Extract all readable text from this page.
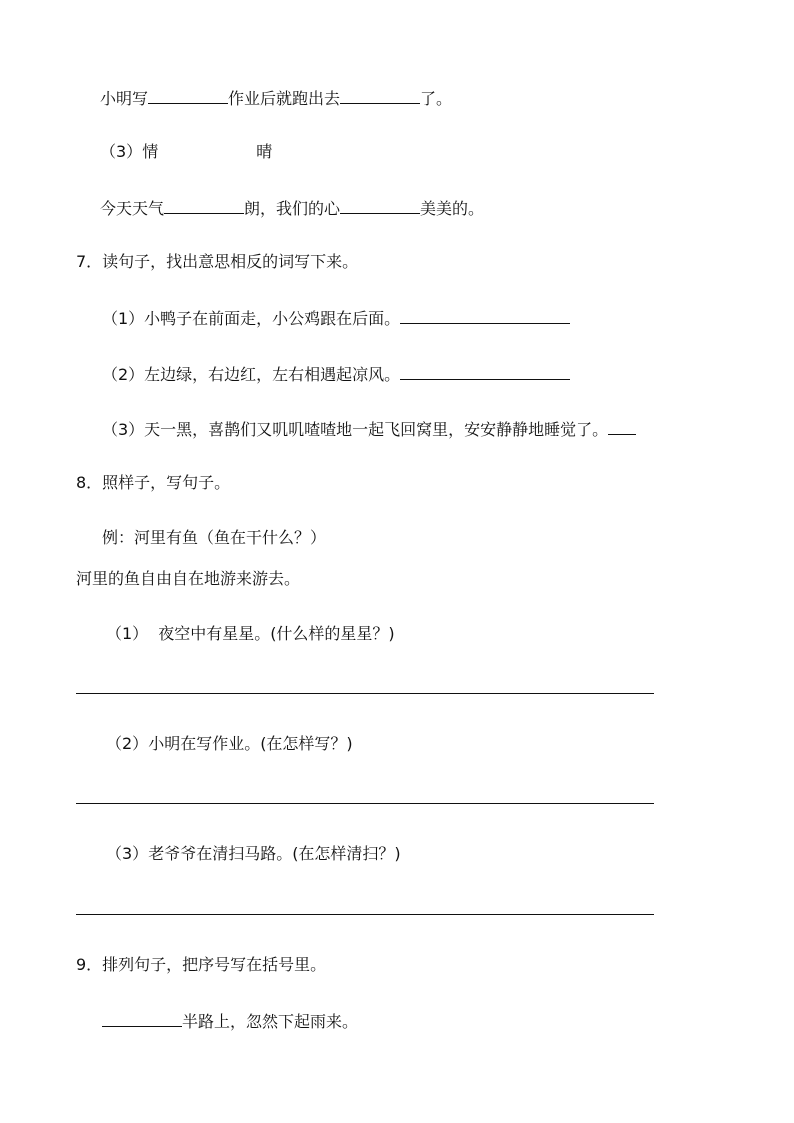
小明写	作业后就跑出去	了。
（3）情	晴
今天天气	朗，我们的心	美美的。
7．读句子，找出意思相反的词写下来。
（1）小鸭子在前面走，小公鸡跟在后面。
（2）左边绿，右边红，左右相遇起凉风。
（3）天一黑，喜鹊们又叽叽喳喳地一起飞回窝里，安安静静地睡觉了。
8．照样子，写句子。
例：河里有鱼（鱼在干什么？）
河里的鱼自由自在地游来游去。
（1） 夜空中有星星。(什么样的星星？)
（2）小明在写作业。(在怎样写？)
（3）老爷爷在清扫马路。(在怎样清扫？)
9．排列句子，把序号写在括号里。
半路上，忽然下起雨来。
